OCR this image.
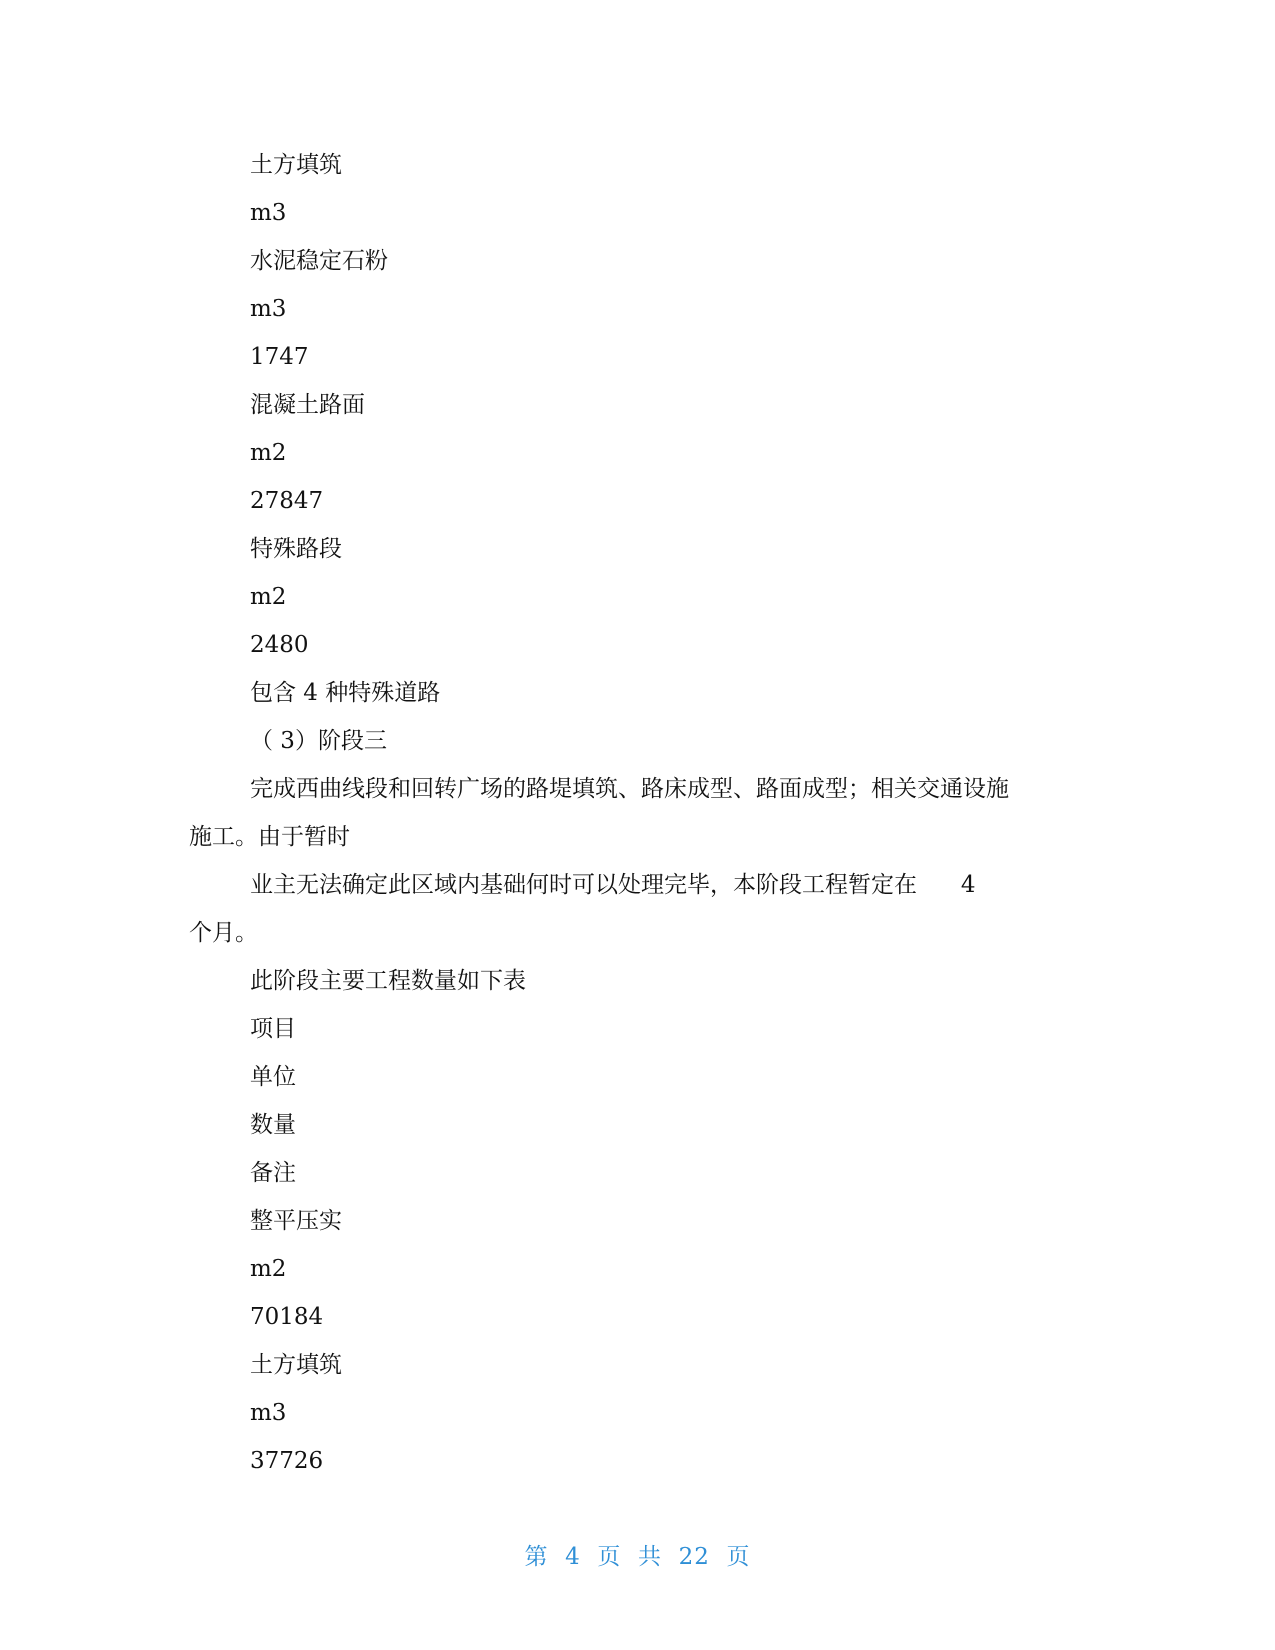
土方填筑
m3
水泥稳定石粉
m3
1747
混凝土路面
m2
27847
特殊路段
m2
2480
包含 4 种特殊道路
（ 3）阶段三
完成西曲线段和回转广场的路堤填筑、路床成型、路面成型；相关交通设施
施工。由于暂时
业主无法确定此区域内基础何时可以处理完毕，本阶段工程暂定在      4
个月。
此阶段主要工程数量如下表
项目
单位
数量
备注
整平压实
m2
70184
土方填筑
m3
37726
第  4  页  共  22  页
